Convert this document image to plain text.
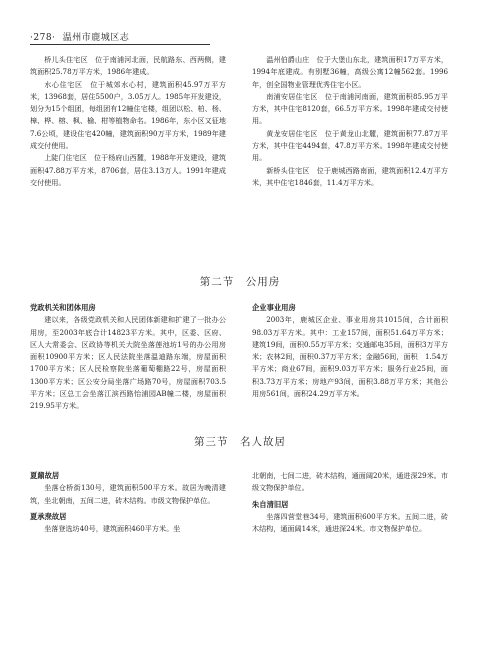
·278· 温州市鹿城区志

桥儿头住宅区　 位于南浦河北面，民航路东、西两侧，建筑面积25.78万平方米，1986年建成。

水心住宅区　 位于城郊水心村，建筑面积45.97万平方米，13968套，居住5500户，3.05万人。1985年开发建设，划分为15个组团，每组团有12幢住宅楼，组团以松、柏、杨、樟、桦、榕、枫、榆、柑等植物命名。1986年，东小区又征地7.6公顷，建设住宅420幢，建筑面积90万平方米，1989年建成交付使用。

上陡门住宅区　 位于杨府山西麓，1988年开发建设，建筑面积47.88万平方米，8706套，居住3.13万人。1991年建成交付使用。

温州伯爵山庄　 位于大堡山东北，建筑面积17万平方米，1994年底建成。有别墅36幢，高级公寓12幢562套。1996年，创全国物业管理优秀住宅小区。

南浦安居住宅区　 位于南浦河南面，建筑面积85.95万平方米，其中住宅8120套，66.5万平方米。1998年建成交付使用。

黄龙安居住宅区　 位于黄龙山北麓，建筑面积77.87万平方米，其中住宅4494套，47.8万平方米。1998年建成交付使用。

新桥头住宅区　 位于鹿城西路南面，建筑面积12.4万平方米，其中住宅1846套，11.4万平方米。

第二节　公用房
党政机关和团体用房

建以来，各级党政机关和人民团体新建和扩建了一批办公用房，至2003年底合计14823平方米。其中，区委、区府、区人大常委会、区政协等机关大院坐落莲池坊1号的办公用房面积10900平方米；区人民法院坐落温迪路东端，房屋面积1700平方米；区人民检察院坐落葡萄棚路22号，房屋面积1300平方米；区公安分局坐落广场路70号，房屋面积703.5平方米；区总工会坐落江滨西路怡浦园AB幢二楼，房屋面积219.95平方米。

企业事业用房

2003年，鹿城区企业、事业用房共1015间，合计面积98.03万平方米。其中：工业157间，面积51.64万平方米；建筑19间，面积0.55万平方米；交通邮电35间，面积3万平方米；农林2间，面积0.37万平方米；金融56间，面积　1.54万平方米；商业67间，面积9.03万平方米；服务行业25间，面积3.73万平方米；房地产93间，面积3.88万平方米；其他公用房561间，面积24.29万平方米。

第三节　名人故居
夏鼐故居

坐落仓桥街130号，建筑面积500平方米。故居为晚清建筑，坐北朝南，五间二进，砖木结构。市级文物保护单位。

夏承焘故居

坐落登选坊40号，建筑面积460平方米。坐

北朝南，七间二进，砖木结构，通面阔20米，通进深29米。市级文物保护单位。

朱自清旧居

坐落四营堂巷34号，建筑面积600平方米。五间二进，砖木结构，通面阔14米，通进深24米。市文物保护单位。
